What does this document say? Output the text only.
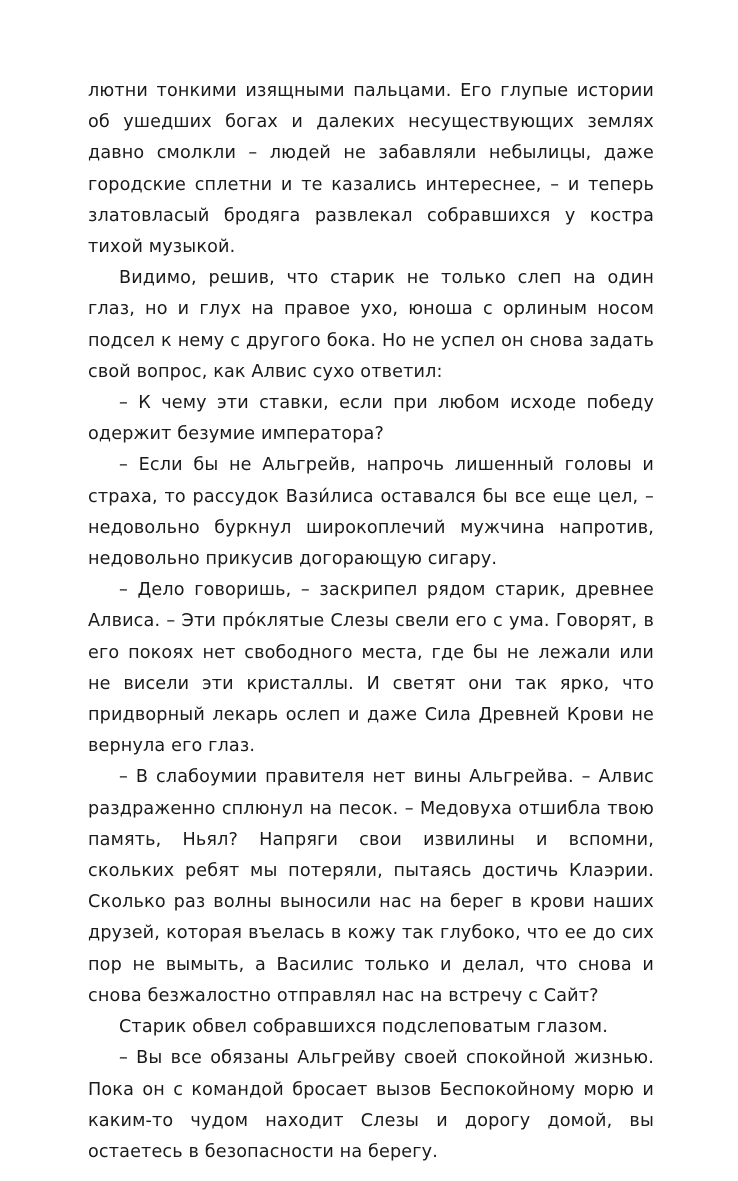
лютни тонкими изящными пальцами. Его глупые истории об ушедших богах и далеких несуществующих землях давно смолкли – людей не забавляли небылицы, даже городские сплетни и те казались интереснее, – и теперь златовласый бродяга развлекал собравшихся у костра тихой музыкой.

Видимо, решив, что старик не только слеп на один глаз, но и глух на правое ухо, юноша с орлиным носом подсел к нему с другого бока. Но не успел он снова задать свой вопрос, как Алвис сухо ответил:

– К чему эти ставки, если при любом исходе победу одержит безумие императора?

– Если бы не Альгрейв, напрочь лишенный головы и страха, то рассудок Вази́лиса оставался бы все еще цел, – недовольно буркнул широкоплечий мужчина напротив, недовольно прикусив догорающую сигару.

– Дело говоришь, – заскрипел рядом старик, древнее Алвиса. – Эти про́клятые Слезы свели его с ума. Говорят, в его покоях нет свободного места, где бы не лежали или не висели эти кристаллы. И светят они так ярко, что придворный лекарь ослеп и даже Сила Древней Крови не вернула его глаз.

– В слабоумии правителя нет вины Альгрейва. – Алвис раздраженно сплюнул на песок. – Медовуха отшибла твою память, Ньял? Напряги свои извилины и вспомни, скольких ребят мы потеряли, пытаясь достичь Клаэрии. Сколько раз волны выносили нас на берег в крови наших друзей, которая въелась в кожу так глубоко, что ее до сих пор не вымыть, а Василис только и делал, что снова и снова безжалостно отправлял нас на встречу с Сайт?

Старик обвел собравшихся подслеповатым глазом.

– Вы все обязаны Альгрейву своей спокойной жизнью. Пока он с командой бросает вызов Беспокойному морю и каким-то чудом находит Слезы и дорогу домой, вы остаетесь в безопасности на берегу.
